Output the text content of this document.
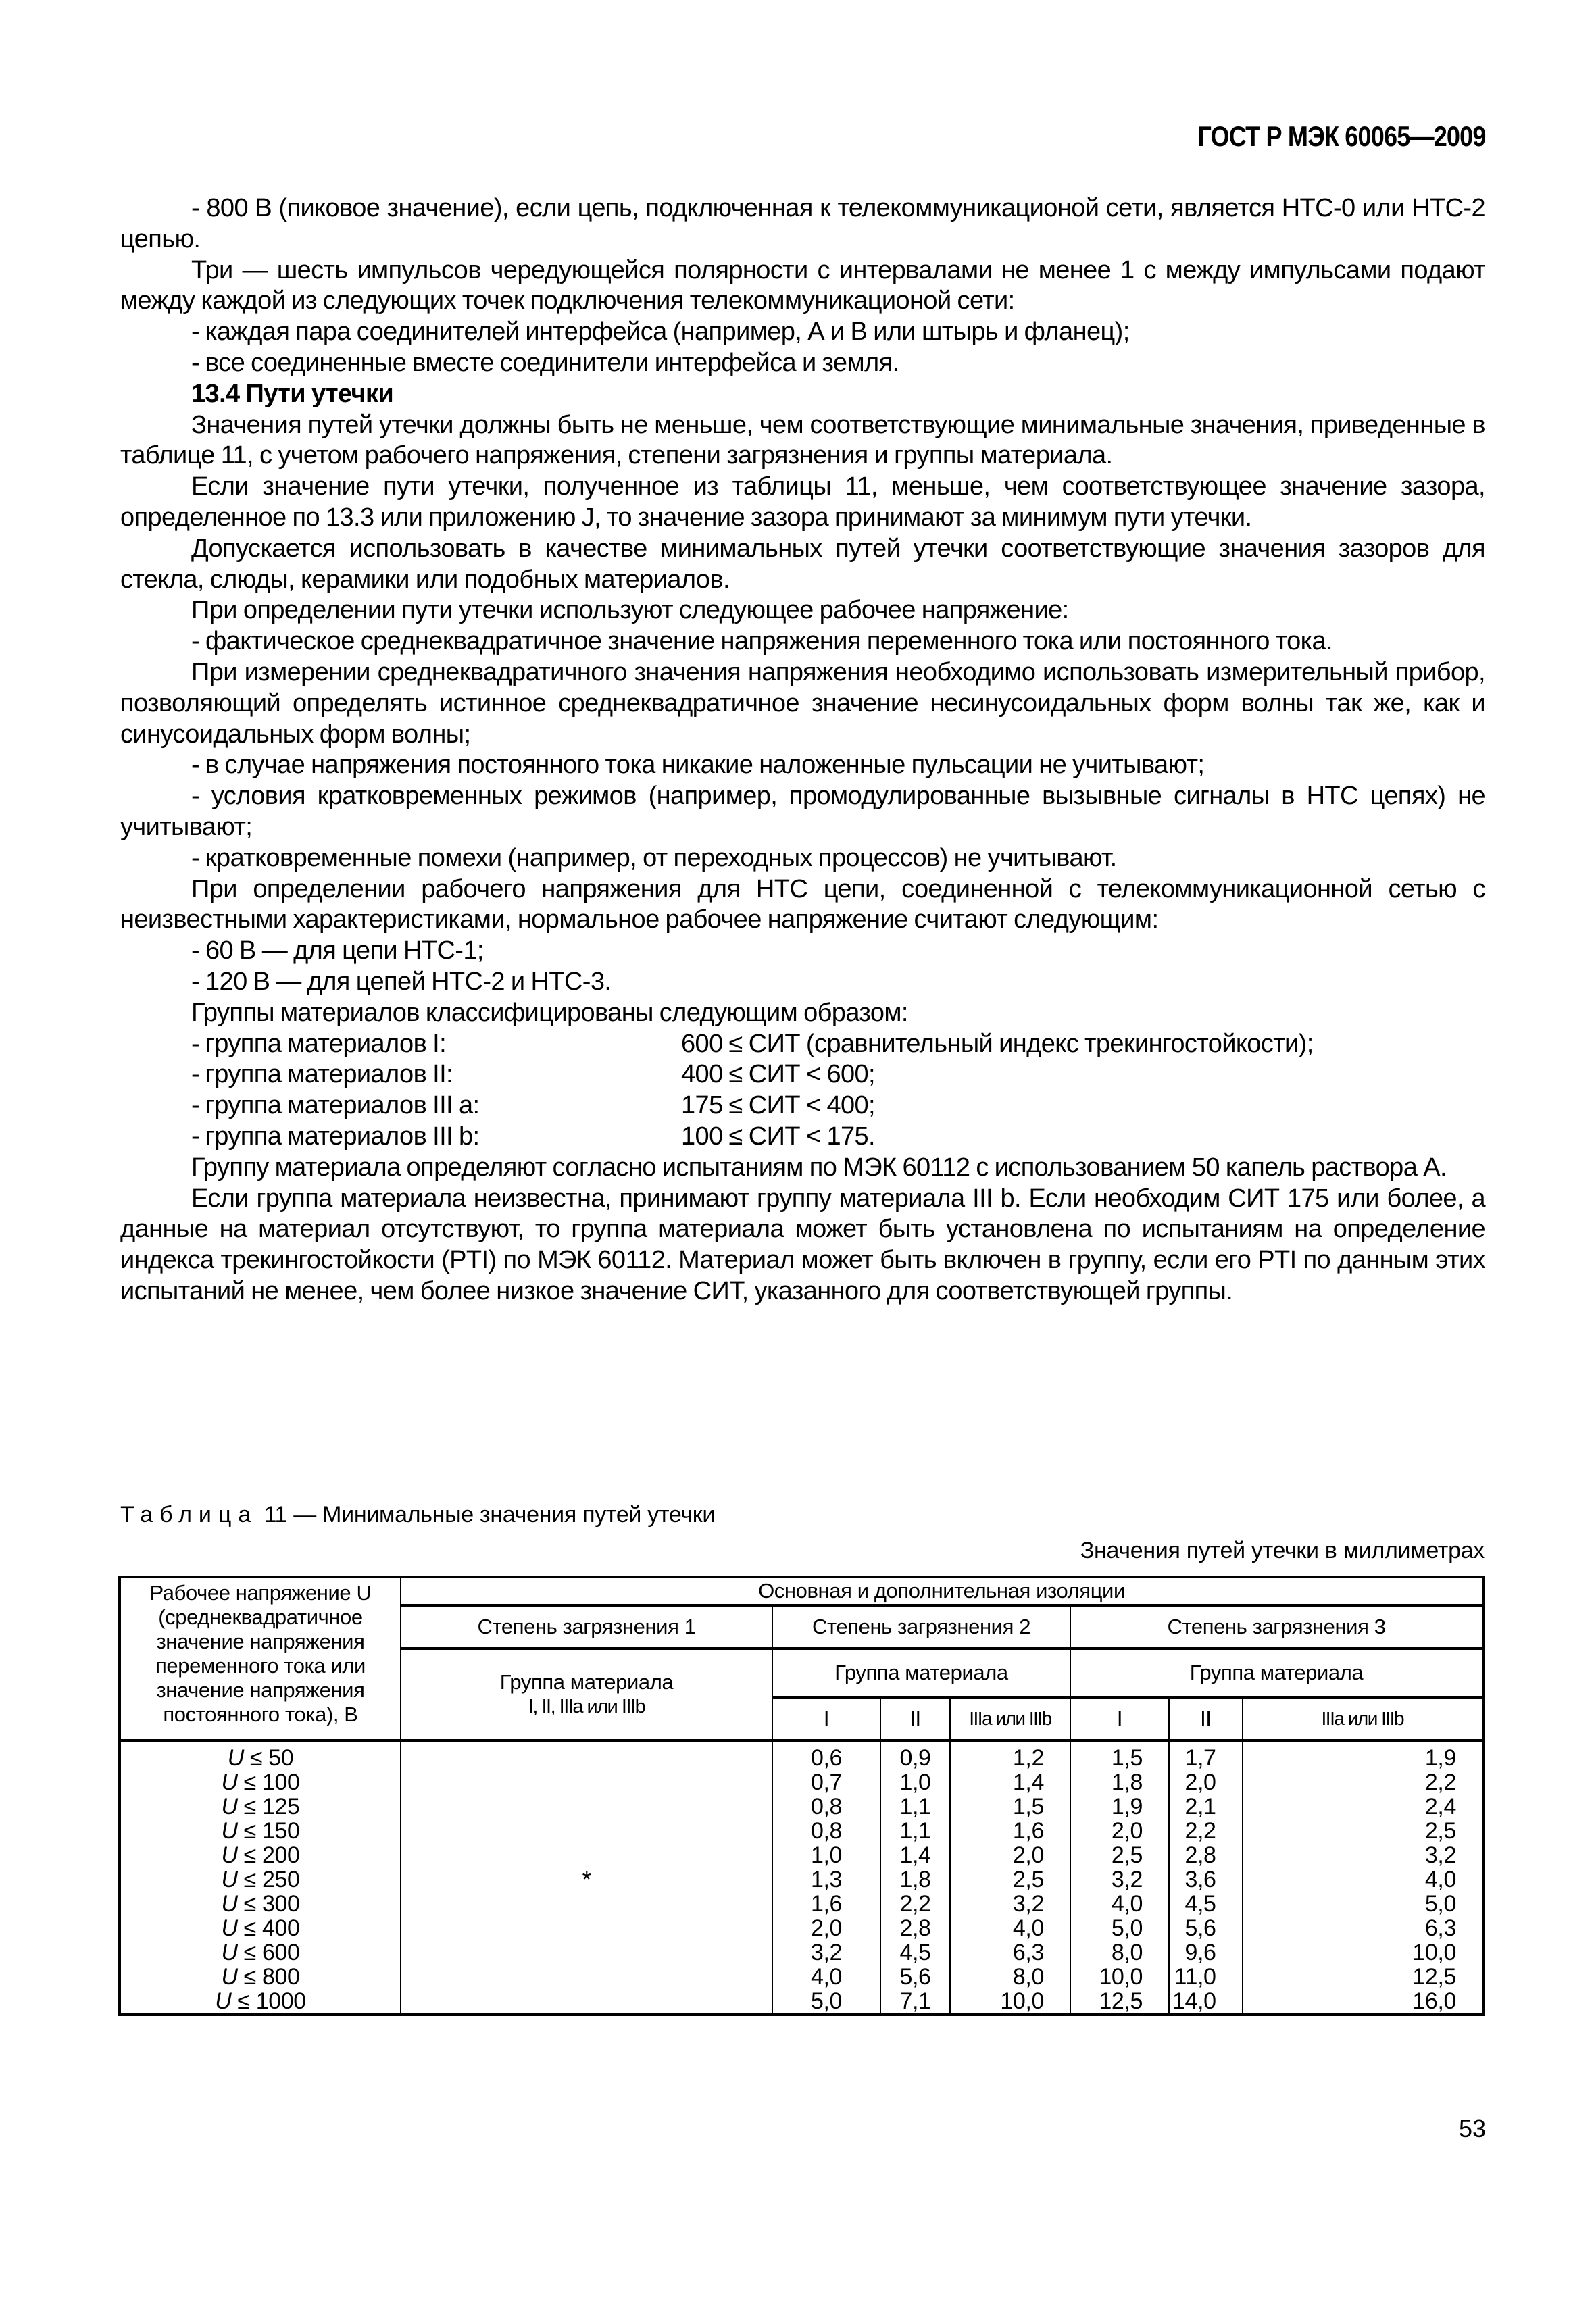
ГОСТ Р МЭК 60065—2009

- 800 В (пиковое значение), если цепь, подключенная к телекоммуникационой сети, является НТС-0 или НТС-2 цепью.

Три — шесть импульсов чередующейся полярности с интервалами не менее 1 с между импульсами подают между каждой из следующих точек подключения телекоммуникационой сети:

- каждая пара соединителей интерфейса (например, А и В или штырь и фланец);

- все соединенные вместе соединители интерфейса и земля.

13.4 Пути утечки

Значения путей утечки должны быть не меньше, чем соответствующие минимальные значения, приведенные в таблице 11, с учетом рабочего напряжения, степени загрязнения и группы материала.

Если значение пути утечки, полученное из таблицы 11, меньше, чем соответствующее значение зазора, определенное по 13.3 или приложению J, то значение зазора принимают за минимум пути утечки.

Допускается использовать в качестве минимальных путей утечки соответствующие значения зазоров для стекла, слюды, керамики или подобных материалов.

При определении пути утечки используют следующее рабочее напряжение:

- фактическое среднеквадратичное значение напряжения переменного тока или постоянного тока.

При измерении среднеквадратичного значения напряжения необходимо использовать измерительный прибор, позволяющий определять истинное среднеквадратичное значение несинусоидальных форм волны так же, как и синусоидальных форм волны;

- в случае напряжения постоянного тока никакие наложенные пульсации не учитывают;

- условия кратковременных режимов (например, промодулированные вызывные сигналы в НТС цепях) не учитывают;

- кратковременные помехи (например, от переходных процессов) не учитывают.

При определении рабочего напряжения для НТС цепи, соединенной с телекоммуникационной сетью с неизвестными характеристиками, нормальное рабочее напряжение считают следующим:

- 60 В — для цепи НТС-1;

- 120 В — для цепей НТС-2 и НТС-3.

Группы материалов классифицированы следующим образом:

- группа материалов I:	600 ≤ СИТ (сравнительный индекс трекингостойкости);
- группа материалов II:	400 ≤ СИТ < 600;
- группа материалов III a:	175 ≤ СИТ < 400;
- группа материалов III b:	100 ≤ СИТ < 175.

Группу материала определяют согласно испытаниям по МЭК 60112 с использованием 50 капель раствора А.

Если группа материала неизвестна, принимают группу материала III b. Если необходим СИТ 175 или более, а данные на материал отсутствуют, то группа материала может быть установлена по испытаниям на определение индекса трекингостойкости (PTI) по МЭК 60112. Материал может быть включен в группу, если его PTI по данным этих испытаний не менее, чем более низкое значение СИТ, указанного для соответствующей группы.

Таблица 11 — Минимальные значения путей утечки
Значения путей утечки в миллиметрах
Рабочее напряжение U (среднеквадратичное значение напряжения переменного тока или значение напряжения постоянного тока), В	Основная и дополнительная изоляции						
	Степень загрязнения 1	Степень загрязнения 2			Степень загрязнения 3		

	Группа материала
I, II, IIIa или IIIb	Группа материала			Группа материала		
		I	II	IIIa или IIIb	I	II	IIIa или IIIb

U ≤ 50	*	0,6	0,9	1,2	1,5	1,7	1,9
U ≤ 100		0,7	1,0	1,4	1,8	2,0	2,2
U ≤ 125		0,8	1,1	1,5	1,9	2,1	2,4
U ≤ 150		0,8	1,1	1,6	2,0	2,2	2,5
U ≤ 200		1,0	1,4	2,0	2,5	2,8	3,2
U ≤ 250		1,3	1,8	2,5	3,2	3,6	4,0
U ≤ 300		1,6	2,2	3,2	4,0	4,5	5,0
U ≤ 400		2,0	2,8	4,0	5,0	5,6	6,3
U ≤ 600		3,2	4,5	6,3	8,0	9,6	10,0
U ≤ 800		4,0	5,6	8,0	10,0	11,0	12,5
U ≤ 1000		5,0	7,1	10,0	12,5	14,0	16,0
53
